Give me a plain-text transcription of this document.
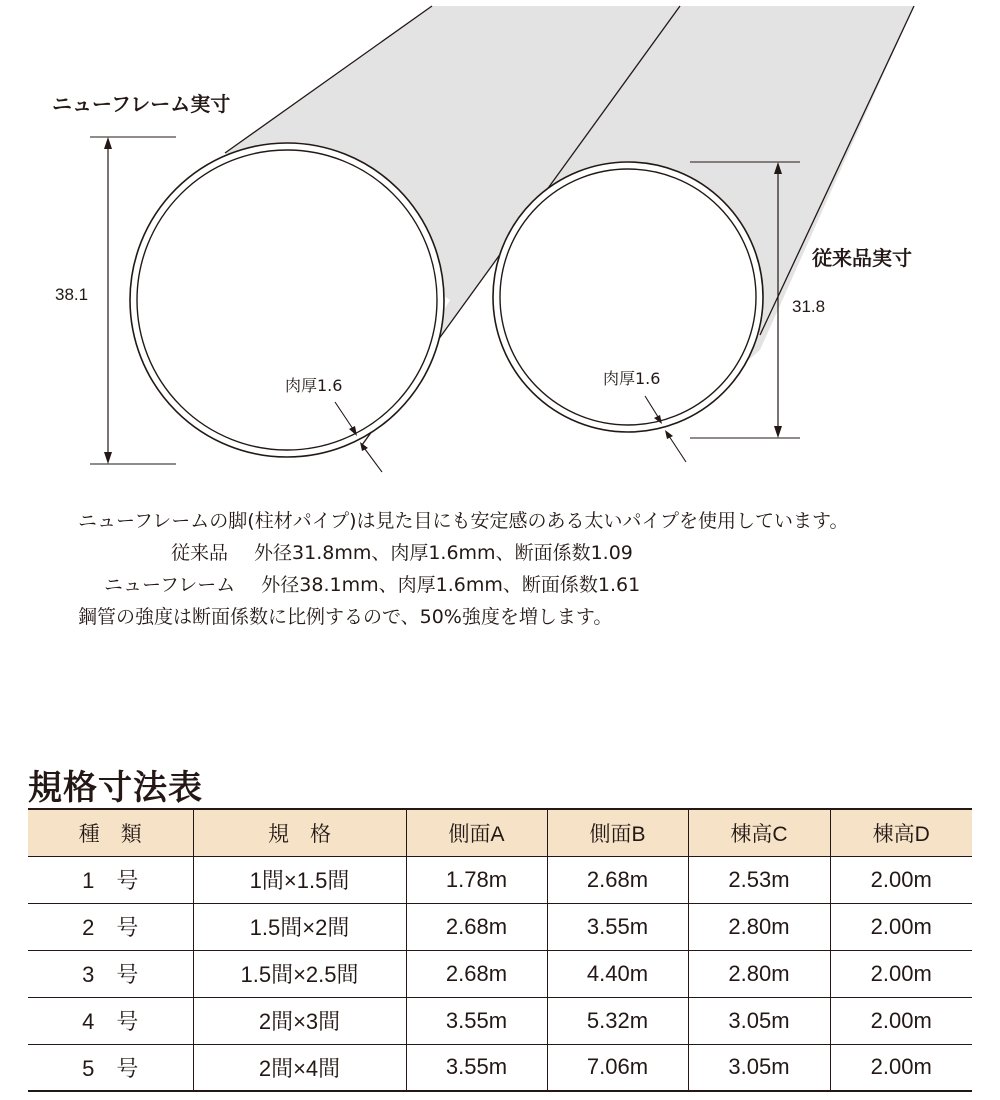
ニューフレーム実寸
従来品実寸
38.1
31.8
肉厚1.6	肉厚1.6
ニューフレームの脚(柱材パイプ)は見た目にも安定感のある太いパイプを使用しています。
従来品 外径31.8mm、肉厚1.6mm、断面係数1.09
ニューフレーム 外径38.1mm、肉厚1.6mm、断面係数1.61
鋼管の強度は断面係数に比例するので、50%強度を増します。
規格寸法表
種　類	規　格	側面A	側面B	棟高C	棟高D
1　 号	1間×1.5間	1.78m	2.68m	2.53m	2.00m
2　 号	1.5間×2間	2.68m	3.55m	2.80m	2.00m
3　 号	1.5間×2.5間	2.68m	4.40m	2.80m	2.00m
4　 号	2間×3間	3.55m	5.32m	3.05m	2.00m
5　 号	2間×4間	3.55m	7.06m	3.05m	2.00m
